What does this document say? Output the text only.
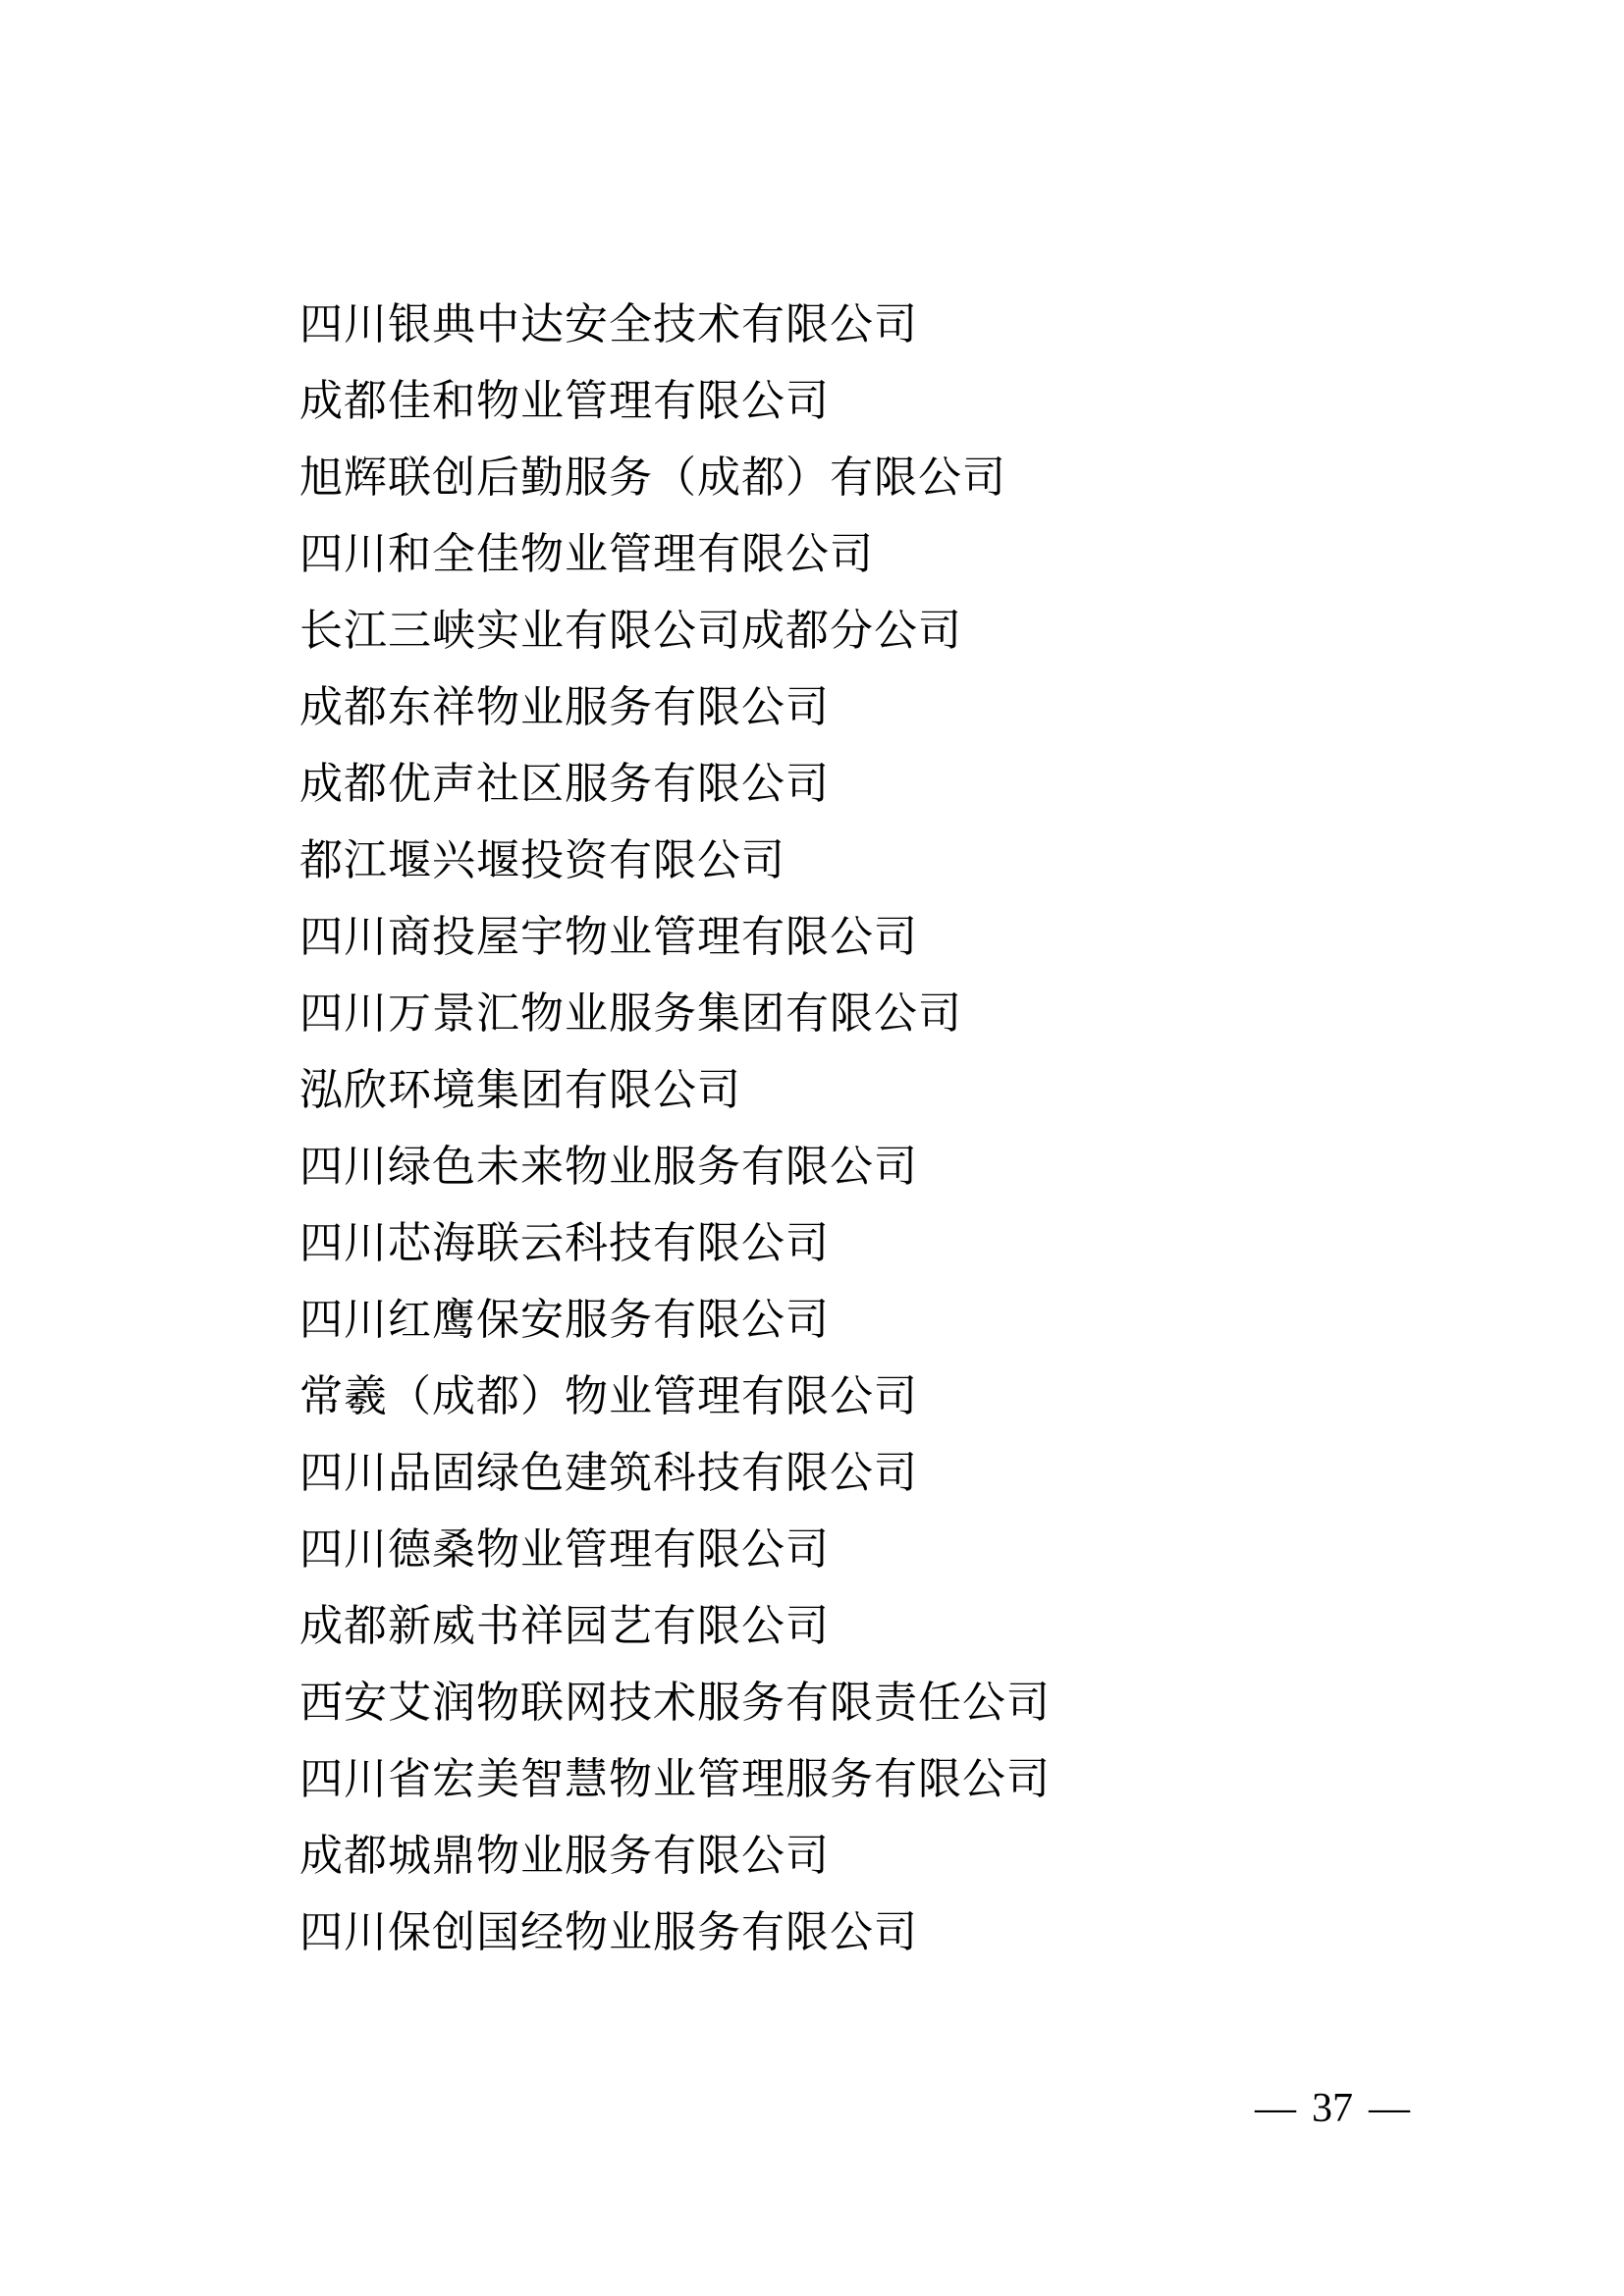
四川银典中达安全技术有限公司
成都佳和物业管理有限公司
旭辉联创后勤服务（成都）有限公司
四川和全佳物业管理有限公司
长江三峡实业有限公司成都分公司
成都东祥物业服务有限公司
成都优声社区服务有限公司
都江堰兴堰投资有限公司
四川商投屋宇物业管理有限公司
四川万景汇物业服务集团有限公司
泓欣环境集团有限公司
四川绿色未来物业服务有限公司
四川芯海联云科技有限公司
四川红鹰保安服务有限公司
常羲（成都）物业管理有限公司
四川品固绿色建筑科技有限公司
四川德桑物业管理有限公司
成都新威书祥园艺有限公司
西安艾润物联网技术服务有限责任公司
四川省宏美智慧物业管理服务有限公司
成都城鼎物业服务有限公司
四川保创国经物业服务有限公司
— 37 —
